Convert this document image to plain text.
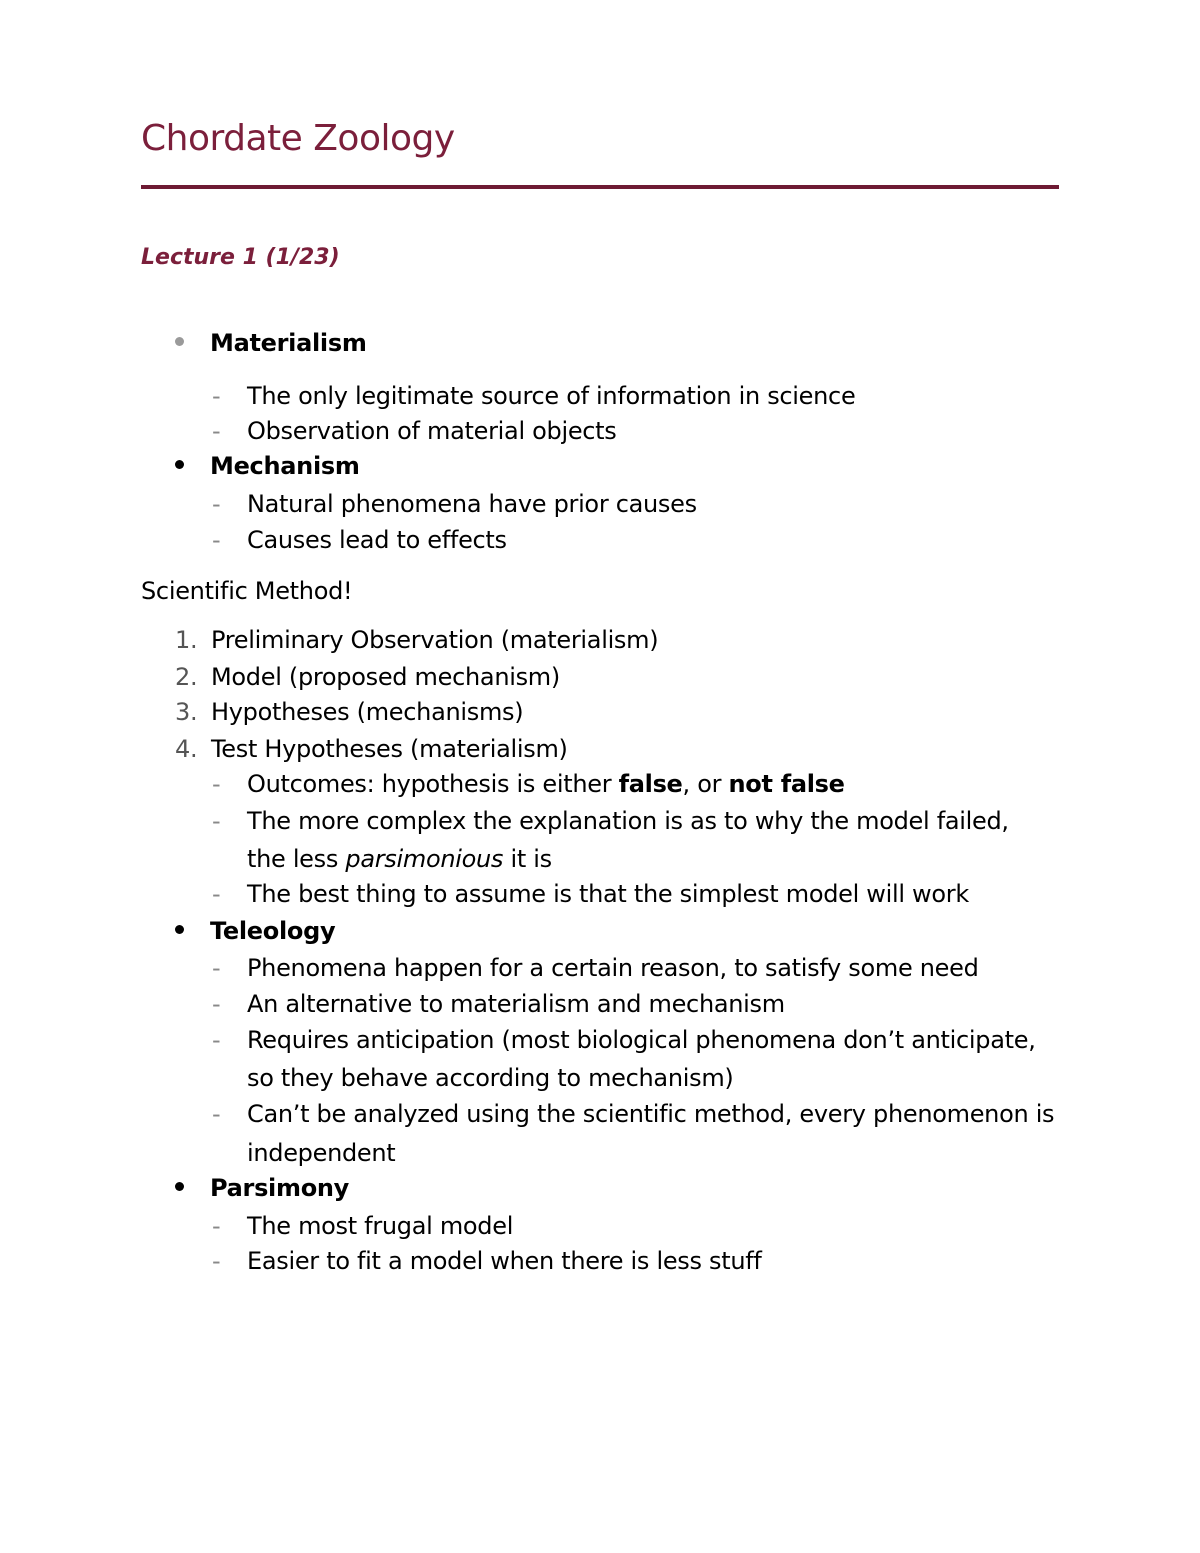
Chordate Zoology
Lecture 1 (1/23)
Materialism
- The only legitimate source of information in science
- Observation of material objects
Mechanism
- Natural phenomena have prior causes
- Causes lead to effects
Scientific Method!
1. Preliminary Observation (materialism)
2. Model (proposed mechanism)
3. Hypotheses (mechanisms)
4. Test Hypotheses (materialism)
- Outcomes: hypothesis is either false, or not false
- The more complex the explanation is as to why the model failed,
the less parsimonious it is
- The best thing to assume is that the simplest model will work
Teleology
- Phenomena happen for a certain reason, to satisfy some need
- An alternative to materialism and mechanism
- Requires anticipation (most biological phenomena don’t anticipate,
so they behave according to mechanism)
- Can’t be analyzed using the scientific method, every phenomenon is
independent
Parsimony
- The most frugal model
- Easier to fit a model when there is less stuff
